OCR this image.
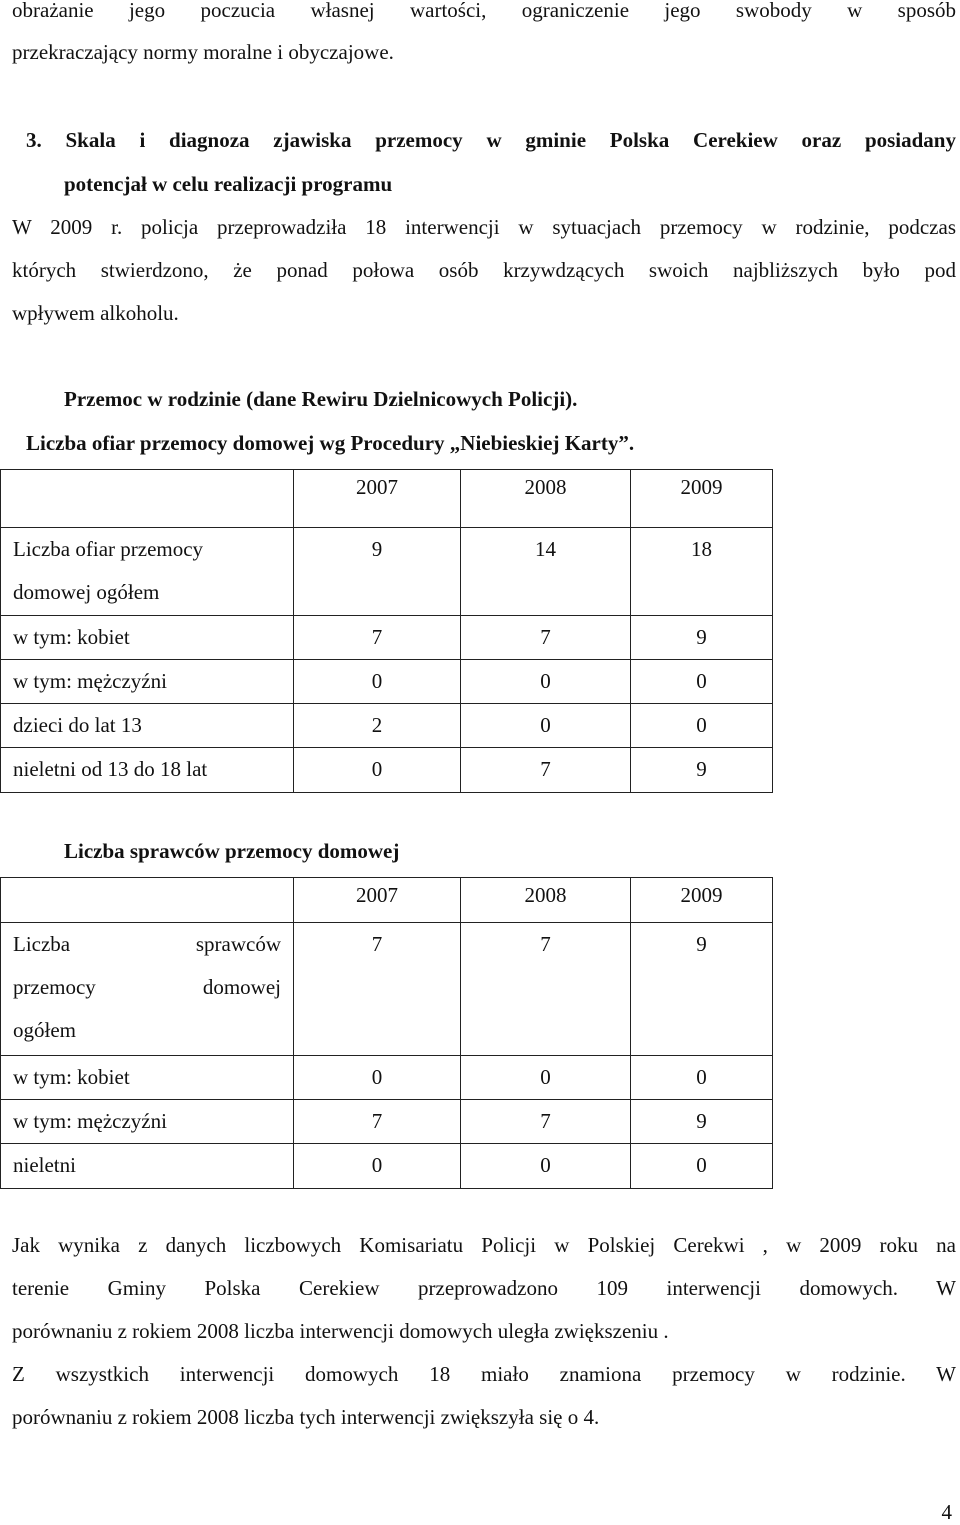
obrażanie jego poczucia własnej wartości, ograniczenie jego swobody w sposób
przekraczający normy moralne i obyczajowe.
3. Skala i diagnoza zjawiska przemocy w gminie Polska Cerekiew oraz posiadany
potencjał w celu realizacji programu
W 2009 r. policja przeprowadziła 18 interwencji w sytuacjach przemocy w rodzinie, podczas
których stwierdzono, że ponad połowa osób krzywdzących swoich najbliższych było pod
wpływem alkoholu.
Przemoc w rodzinie (dane Rewiru Dzielnicowych Policji).
Liczba ofiar przemocy domowej wg Procedury „Niebieskiej Karty”.
	2007	2008	2009
Liczba ofiar przemocy
domowej ogółem	9	14	18
w tym: kobiet	7	7	9
w tym: mężczyźni	0	0	0
dzieci do lat 13	2	0	0
nieletni od 13 do 18 lat	0	7	9
Liczba sprawców przemocy domowej
	2007	2008	2009

Liczba sprawców
przemocy domowej
ogółem	7	7	9
w tym: kobiet	0	0	0
w tym: mężczyźni	7	7	9
nieletni	0	0	0
Jak wynika z danych liczbowych Komisariatu Policji w Polskiej Cerekwi , w 2009 roku na
terenie Gminy Polska Cerekiew przeprowadzono 109 interwencji domowych. W
porównaniu z rokiem 2008 liczba interwencji domowych uległa zwiększeniu .
Z wszystkich interwencji domowych 18 miało znamiona przemocy w rodzinie. W
porównaniu z rokiem 2008 liczba tych interwencji zwiększyła się o 4.
4
